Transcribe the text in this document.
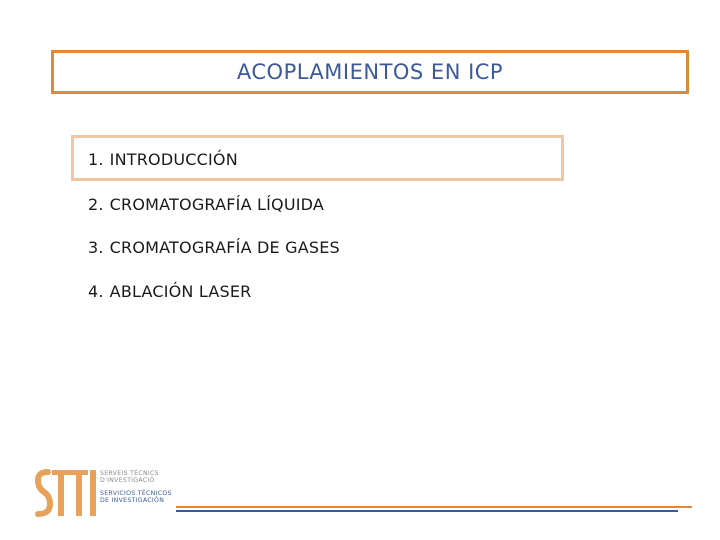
ACOPLAMIENTOS EN ICP
1. INTRODUCCIÓN
2. CROMATOGRAFÍA LÍQUIDA
3. CROMATOGRAFÍA DE GASES
4. ABLACIÓN LASER
SERVEIS TÈCNICS
D'INVESTIGACIÓ
SERVICIOS TÉCNICOS
DE INVESTIGACIÓN
